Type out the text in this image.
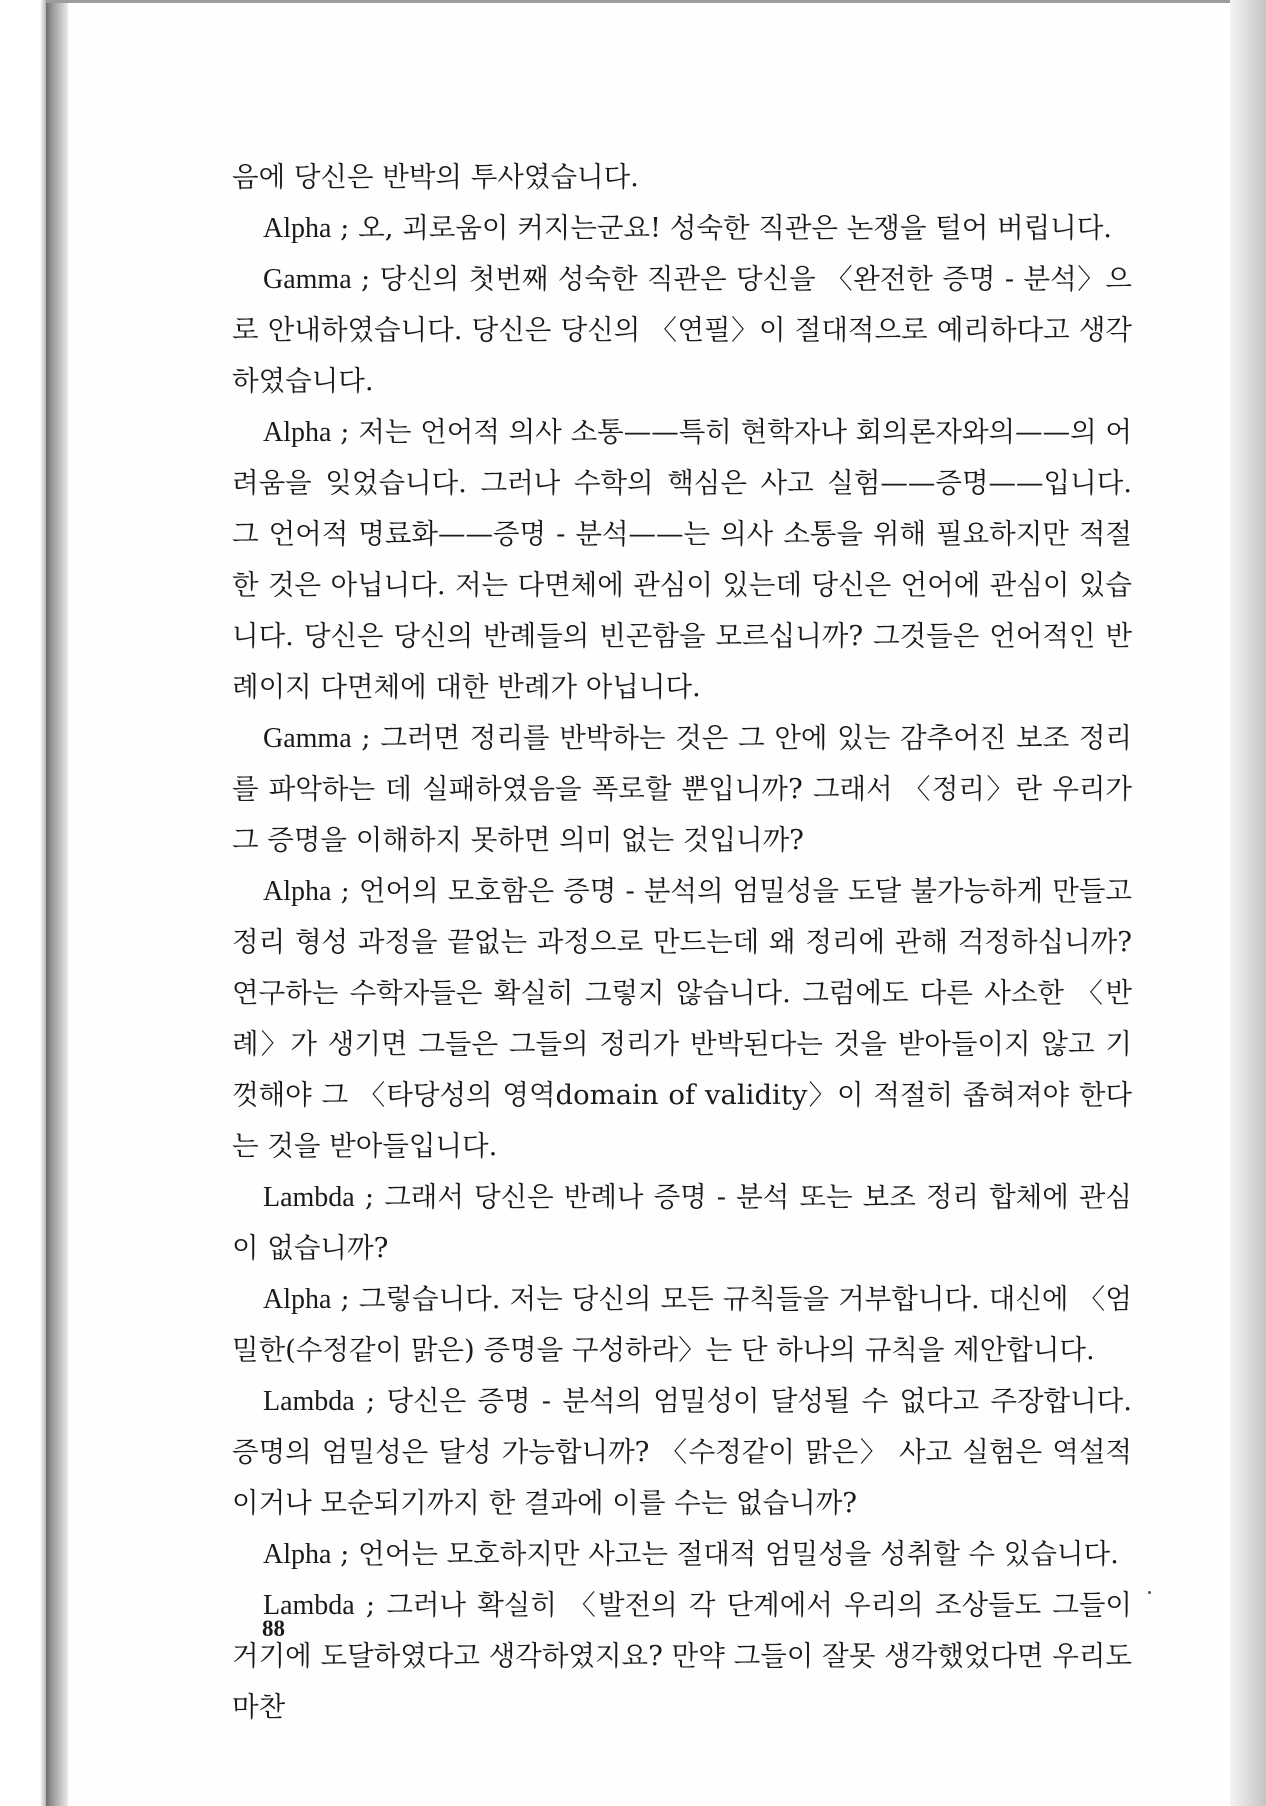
음에 당신은 반박의 투사였습니다.

Alpha ; 오, 괴로움이 커지는군요! 성숙한 직관은 논쟁을 털어 버립니다.

Gamma ; 당신의 첫번째 성숙한 직관은 당신을 〈완전한 증명 - 분석〉으로 안내하였습니다. 당신은 당신의 〈연필〉이 절대적으로 예리하다고 생각하였습니다.

Alpha ; 저는 언어적 의사 소통——특히 현학자나 회의론자와의——의 어려움을 잊었습니다. 그러나 수학의 핵심은 사고 실험——증명——입니다. 그 언어적 명료화——증명 - 분석——는 의사 소통을 위해 필요하지만 적절한 것은 아닙니다. 저는 다면체에 관심이 있는데 당신은 언어에 관심이 있습니다. 당신은 당신의 반례들의 빈곤함을 모르십니까? 그것들은 언어적인 반례이지 다면체에 대한 반례가 아닙니다.

Gamma ; 그러면 정리를 반박하는 것은 그 안에 있는 감추어진 보조 정리를 파악하는 데 실패하였음을 폭로할 뿐입니까? 그래서 〈정리〉란 우리가 그 증명을 이해하지 못하면 의미 없는 것입니까?

Alpha ; 언어의 모호함은 증명 - 분석의 엄밀성을 도달 불가능하게 만들고 정리 형성 과정을 끝없는 과정으로 만드는데 왜 정리에 관해 걱정하십니까? 연구하는 수학자들은 확실히 그렇지 않습니다. 그럼에도 다른 사소한 〈반례〉가 생기면 그들은 그들의 정리가 반박된다는 것을 받아들이지 않고 기껏해야 그 〈타당성의 영역domain of validity〉이 적절히 좁혀져야 한다는 것을 받아들입니다.

Lambda ; 그래서 당신은 반례나 증명 - 분석 또는 보조 정리 합체에 관심이 없습니까?

Alpha ; 그렇습니다. 저는 당신의 모든 규칙들을 거부합니다. 대신에 〈엄밀한(수정같이 맑은) 증명을 구성하라〉는 단 하나의 규칙을 제안합니다.

Lambda ; 당신은 증명 - 분석의 엄밀성이 달성될 수 없다고 주장합니다. 증명의 엄밀성은 달성 가능합니까? 〈수정같이 맑은〉 사고 실험은 역설적이거나 모순되기까지 한 결과에 이를 수는 없습니까?

Alpha ; 언어는 모호하지만 사고는 절대적 엄밀성을 성취할 수 있습니다.

Lambda ; 그러나 확실히 〈발전의 각 단계에서 우리의 조상들도 그들이 거기에 도달하였다고 생각하였지요? 만약 그들이 잘못 생각했었다면 우리도 마찬

88
